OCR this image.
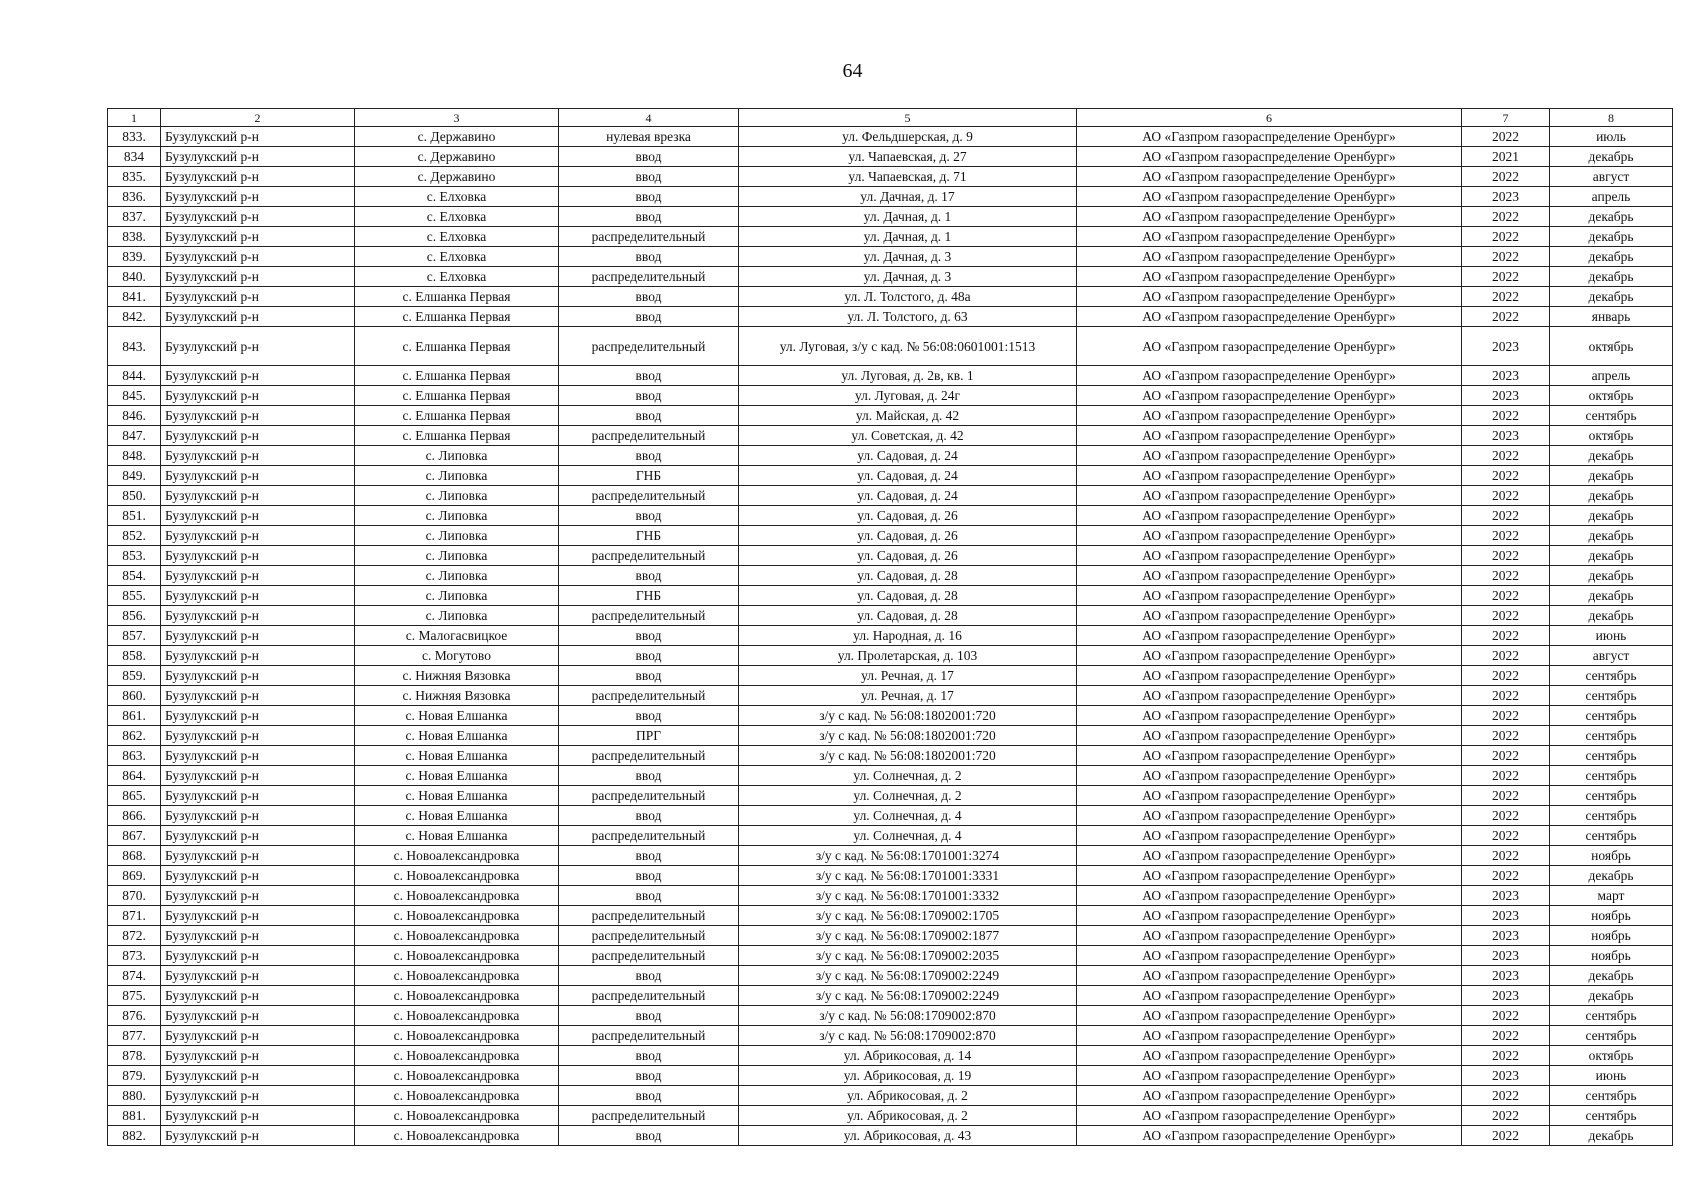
64
1	2	3	4	5	6	7	8
833.	Бузулукский р-н	с. Державино	нулевая врезка	ул. Фельдшерская, д. 9	АО «Газпром газораспределение Оренбург»	2022	июль
834	Бузулукский р-н	с. Державино	ввод	ул. Чапаевская, д. 27	АО «Газпром газораспределение Оренбург»	2021	декабрь
835.	Бузулукский р-н	с. Державино	ввод	ул. Чапаевская, д. 71	АО «Газпром газораспределение Оренбург»	2022	август
836.	Бузулукский р-н	с. Елховка	ввод	ул. Дачная, д. 17	АО «Газпром газораспределение Оренбург»	2023	апрель
837.	Бузулукский р-н	с. Елховка	ввод	ул. Дачная, д. 1	АО «Газпром газораспределение Оренбург»	2022	декабрь
838.	Бузулукский р-н	с. Елховка	распределительный	ул. Дачная, д. 1	АО «Газпром газораспределение Оренбург»	2022	декабрь
839.	Бузулукский р-н	с. Елховка	ввод	ул. Дачная, д. 3	АО «Газпром газораспределение Оренбург»	2022	декабрь
840.	Бузулукский р-н	с. Елховка	распределительный	ул. Дачная, д. 3	АО «Газпром газораспределение Оренбург»	2022	декабрь
841.	Бузулукский р-н	с. Елшанка Первая	ввод	ул. Л. Толстого, д. 48а	АО «Газпром газораспределение Оренбург»	2022	декабрь
842.	Бузулукский р-н	с. Елшанка Первая	ввод	ул. Л. Толстого, д. 63	АО «Газпром газораспределение Оренбург»	2022	январь
843.	Бузулукский р-н	с. Елшанка Первая	распределительный	ул. Луговая, з/у с кад. № 56:08:0601001:1513	АО «Газпром газораспределение Оренбург»	2023	октябрь
844.	Бузулукский р-н	с. Елшанка Первая	ввод	ул. Луговая, д. 2в, кв. 1	АО «Газпром газораспределение Оренбург»	2023	апрель
845.	Бузулукский р-н	с. Елшанка Первая	ввод	ул. Луговая, д. 24г	АО «Газпром газораспределение Оренбург»	2023	октябрь
846.	Бузулукский р-н	с. Елшанка Первая	ввод	ул. Майская, д. 42	АО «Газпром газораспределение Оренбург»	2022	сентябрь
847.	Бузулукский р-н	с. Елшанка Первая	распределительный	ул. Советская, д. 42	АО «Газпром газораспределение Оренбург»	2023	октябрь
848.	Бузулукский р-н	с. Липовка	ввод	ул. Садовая, д. 24	АО «Газпром газораспределение Оренбург»	2022	декабрь
849.	Бузулукский р-н	с. Липовка	ГНБ	ул. Садовая, д. 24	АО «Газпром газораспределение Оренбург»	2022	декабрь
850.	Бузулукский р-н	с. Липовка	распределительный	ул. Садовая, д. 24	АО «Газпром газораспределение Оренбург»	2022	декабрь
851.	Бузулукский р-н	с. Липовка	ввод	ул. Садовая, д. 26	АО «Газпром газораспределение Оренбург»	2022	декабрь
852.	Бузулукский р-н	с. Липовка	ГНБ	ул. Садовая, д. 26	АО «Газпром газораспределение Оренбург»	2022	декабрь
853.	Бузулукский р-н	с. Липовка	распределительный	ул. Садовая, д. 26	АО «Газпром газораспределение Оренбург»	2022	декабрь
854.	Бузулукский р-н	с. Липовка	ввод	ул. Садовая, д. 28	АО «Газпром газораспределение Оренбург»	2022	декабрь
855.	Бузулукский р-н	с. Липовка	ГНБ	ул. Садовая, д. 28	АО «Газпром газораспределение Оренбург»	2022	декабрь
856.	Бузулукский р-н	с. Липовка	распределительный	ул. Садовая, д. 28	АО «Газпром газораспределение Оренбург»	2022	декабрь
857.	Бузулукский р-н	с. Малогасвицкое	ввод	ул. Народная, д. 16	АО «Газпром газораспределение Оренбург»	2022	июнь
858.	Бузулукский р-н	с. Могутово	ввод	ул. Пролетарская, д. 103	АО «Газпром газораспределение Оренбург»	2022	август
859.	Бузулукский р-н	с. Нижняя Вязовка	ввод	ул. Речная, д. 17	АО «Газпром газораспределение Оренбург»	2022	сентябрь
860.	Бузулукский р-н	с. Нижняя Вязовка	распределительный	ул. Речная, д. 17	АО «Газпром газораспределение Оренбург»	2022	сентябрь
861.	Бузулукский р-н	с. Новая Елшанка	ввод	з/у с кад. № 56:08:1802001:720	АО «Газпром газораспределение Оренбург»	2022	сентябрь
862.	Бузулукский р-н	с. Новая Елшанка	ПРГ	з/у с кад. № 56:08:1802001:720	АО «Газпром газораспределение Оренбург»	2022	сентябрь
863.	Бузулукский р-н	с. Новая Елшанка	распределительный	з/у с кад. № 56:08:1802001:720	АО «Газпром газораспределение Оренбург»	2022	сентябрь
864.	Бузулукский р-н	с. Новая Елшанка	ввод	ул. Солнечная, д. 2	АО «Газпром газораспределение Оренбург»	2022	сентябрь
865.	Бузулукский р-н	с. Новая Елшанка	распределительный	ул. Солнечная, д. 2	АО «Газпром газораспределение Оренбург»	2022	сентябрь
866.	Бузулукский р-н	с. Новая Елшанка	ввод	ул. Солнечная, д. 4	АО «Газпром газораспределение Оренбург»	2022	сентябрь
867.	Бузулукский р-н	с. Новая Елшанка	распределительный	ул. Солнечная, д. 4	АО «Газпром газораспределение Оренбург»	2022	сентябрь
868.	Бузулукский р-н	с. Новоалександровка	ввод	з/у с кад. № 56:08:1701001:3274	АО «Газпром газораспределение Оренбург»	2022	ноябрь
869.	Бузулукский р-н	с. Новоалександровка	ввод	з/у с кад. № 56:08:1701001:3331	АО «Газпром газораспределение Оренбург»	2022	декабрь
870.	Бузулукский р-н	с. Новоалександровка	ввод	з/у с кад. № 56:08:1701001:3332	АО «Газпром газораспределение Оренбург»	2023	март
871.	Бузулукский р-н	с. Новоалександровка	распределительный	з/у с кад. № 56:08:1709002:1705	АО «Газпром газораспределение Оренбург»	2023	ноябрь
872.	Бузулукский р-н	с. Новоалександровка	распределительный	з/у с кад. № 56:08:1709002:1877	АО «Газпром газораспределение Оренбург»	2023	ноябрь
873.	Бузулукский р-н	с. Новоалександровка	распределительный	з/у с кад. № 56:08:1709002:2035	АО «Газпром газораспределение Оренбург»	2023	ноябрь
874.	Бузулукский р-н	с. Новоалександровка	ввод	з/у с кад. № 56:08:1709002:2249	АО «Газпром газораспределение Оренбург»	2023	декабрь
875.	Бузулукский р-н	с. Новоалександровка	распределительный	з/у с кад. № 56:08:1709002:2249	АО «Газпром газораспределение Оренбург»	2023	декабрь
876.	Бузулукский р-н	с. Новоалександровка	ввод	з/у с кад. № 56:08:1709002:870	АО «Газпром газораспределение Оренбург»	2022	сентябрь
877.	Бузулукский р-н	с. Новоалександровка	распределительный	з/у с кад. № 56:08:1709002:870	АО «Газпром газораспределение Оренбург»	2022	сентябрь
878.	Бузулукский р-н	с. Новоалександровка	ввод	ул. Абрикосовая, д. 14	АО «Газпром газораспределение Оренбург»	2022	октябрь
879.	Бузулукский р-н	с. Новоалександровка	ввод	ул. Абрикосовая, д. 19	АО «Газпром газораспределение Оренбург»	2023	июнь
880.	Бузулукский р-н	с. Новоалександровка	ввод	ул. Абрикосовая, д. 2	АО «Газпром газораспределение Оренбург»	2022	сентябрь
881.	Бузулукский р-н	с. Новоалександровка	распределительный	ул. Абрикосовая, д. 2	АО «Газпром газораспределение Оренбург»	2022	сентябрь
882.	Бузулукский р-н	с. Новоалександровка	ввод	ул. Абрикосовая, д. 43	АО «Газпром газораспределение Оренбург»	2022	декабрь
